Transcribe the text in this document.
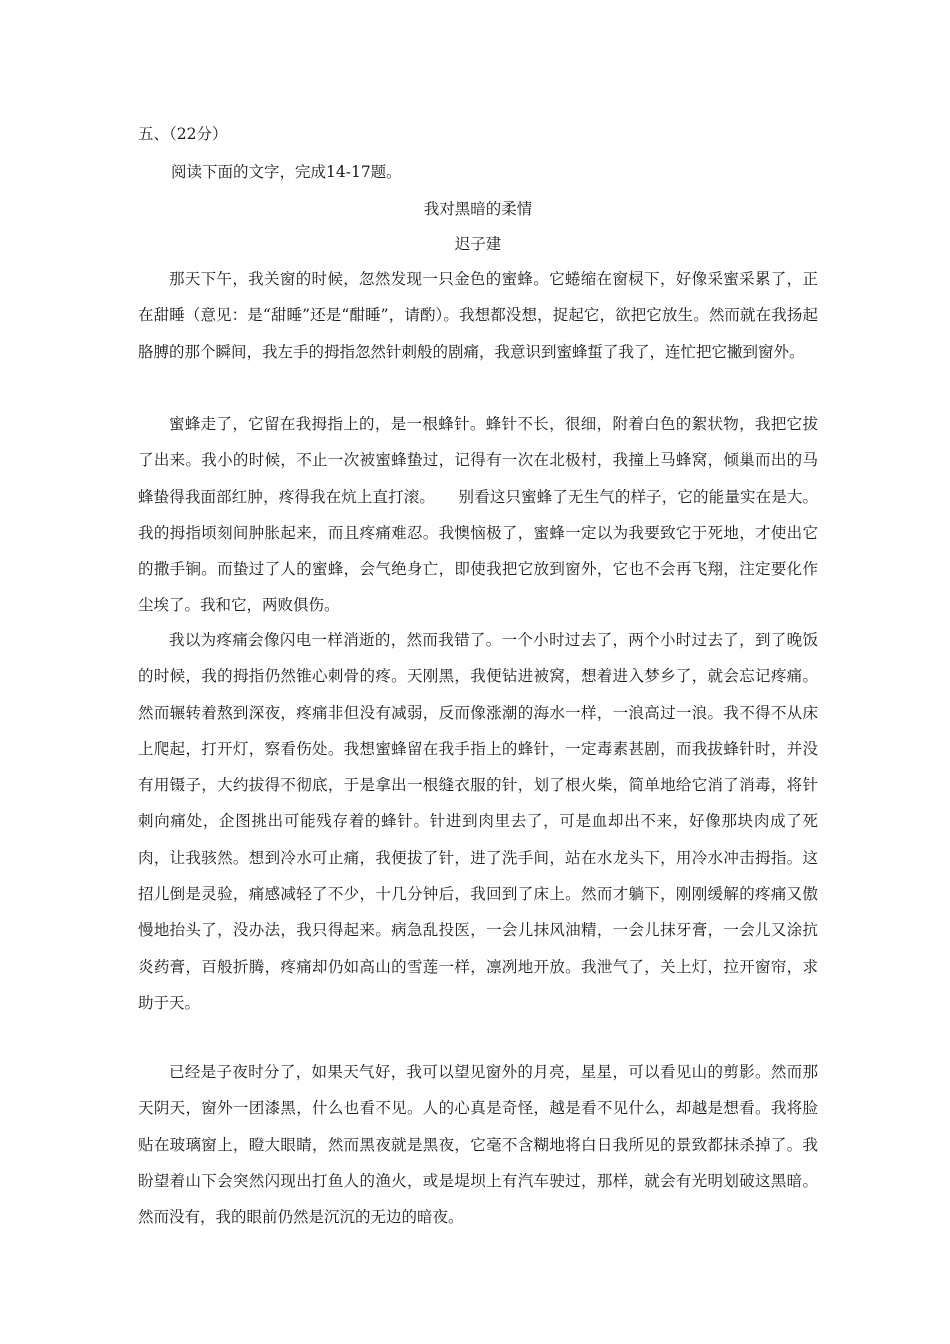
五、（22分）
阅读下面的文字，完成14-17题。
我对黑暗的柔情
迟子建
那天下午，我关窗的时候，忽然发现一只金色的蜜蜂。它蜷缩在窗棂下，好像采蜜采累了，正在甜睡（意见：是“甜睡”还是“酣睡”，请酌）。我想都没想，捉起它，欲把它放生。然而就在我扬起胳膊的那个瞬间，我左手的拇指忽然针刺般的剧痛，我意识到蜜蜂蜇了我了，连忙把它撇到窗外。
蜜蜂走了，它留在我拇指上的，是一根蜂针。蜂针不长，很细，附着白色的絮状物，我把它拔了出来。我小的时候，不止一次被蜜蜂蛰过，记得有一次在北极村，我撞上马蜂窝，倾巢而出的马蜂蛰得我面部红肿，疼得我在炕上直打滚。　　别看这只蜜蜂了无生气的样子，它的能量实在是大。我的拇指顷刻间肿胀起来，而且疼痛难忍。我懊恼极了，蜜蜂一定以为我要致它于死地，才使出它的撒手锏。而蛰过了人的蜜蜂，会气绝身亡，即使我把它放到窗外，它也不会再飞翔，注定要化作尘埃了。我和它，两败俱伤。
我以为疼痛会像闪电一样消逝的，然而我错了。一个小时过去了，两个小时过去了，到了晚饭的时候，我的拇指仍然锥心刺骨的疼。天刚黑，我便钻进被窝，想着进入梦乡了，就会忘记疼痛。然而辗转着熬到深夜，疼痛非但没有减弱，反而像涨潮的海水一样，一浪高过一浪。我不得不从床上爬起，打开灯，察看伤处。我想蜜蜂留在我手指上的蜂针，一定毒素甚剧，而我拔蜂针时，并没有用镊子，大约拔得不彻底，于是拿出一根缝衣服的针，划了根火柴，简单地给它消了消毒，将针刺向痛处，企图挑出可能残存着的蜂针。针进到肉里去了，可是血却出不来，好像那块肉成了死肉，让我骇然。想到冷水可止痛，我便拔了针，进了洗手间，站在水龙头下，用冷水冲击拇指。这招儿倒是灵验，痛感减轻了不少，十几分钟后，我回到了床上。然而才躺下，刚刚缓解的疼痛又傲慢地抬头了，没办法，我只得起来。病急乱投医，一会儿抹风油精，一会儿抹牙膏，一会儿又涂抗炎药膏，百般折腾，疼痛却仍如高山的雪莲一样，凛冽地开放。我泄气了，关上灯，拉开窗帘，求助于天。
已经是子夜时分了，如果天气好，我可以望见窗外的月亮，星星，可以看见山的剪影。然而那天阴天，窗外一团漆黑，什么也看不见。人的心真是奇怪，越是看不见什么，却越是想看。我将脸贴在玻璃窗上，瞪大眼睛，然而黑夜就是黑夜，它毫不含糊地将白日我所见的景致都抹杀掉了。我盼望着山下会突然闪现出打鱼人的渔火，或是堤坝上有汽车驶过，那样，就会有光明划破这黑暗。然而没有，我的眼前仍然是沉沉的无边的暗夜。
